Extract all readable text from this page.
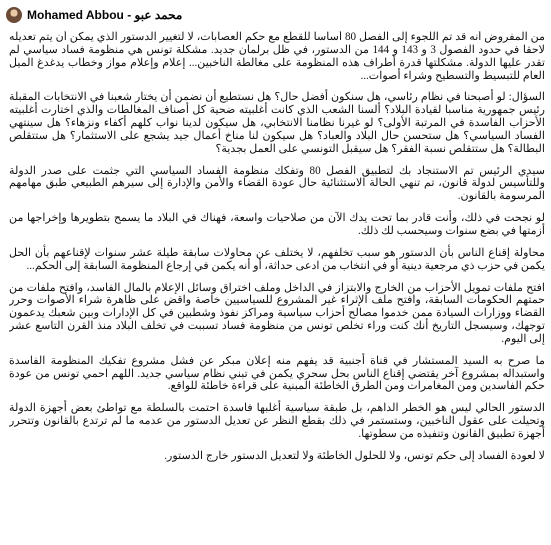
Mohamed Abbou - محمد عبو

من المفروض أنه قد تم اللجوء إلى الفصل 80 أساسا للقطع مع حكم العصابات، لا لتغيير الدستور الذي يمكن أن يتم تعديله لاحقا في حدود الفصول 3 و 143 و 144 من الدستور، في ظل برلمان جديد. مشكلة تونس هي منظومة فساد سياسي لم تقدر عليها الدولة. مشكلتها قدرة أطراف هذه المنظومة على مغالطة الناخبين... إعلام وإعلام مواز وخطاب يدغدغ الميل العام للتبسيط والتسطيح وشراء أصوات...

السؤال: لو أصبحنا في نظام رئاسي، هل سنكون أفضل حال؟ هل نستطيع أن نضمن أن يختار شعبنا في الانتخابات المقبلة رئيس جمهورية مناسبا لقيادة البلاد؟ ألسنا الشعب الذي كانت أغلبيته ضحية كل أصناف المغالطات والذي اختارت أغلبيته الأحزاب الفاسدة في المرتبة الأولى؟ لو غيرنا نظامنا الانتخابي، هل سيكون لدينا نواب كلهم أكفاء ونزهاء؟ هل سينتهي الفساد السياسي؟ هل ستحسن حال البلاد والعباد؟ هل سيكون لنا مناخ أعمال جيد يشجع على الاستثمار؟ هل ستتقلص البطالة؟ هل ستتقلص نسبة الفقر؟ هل سيقبل التونسي على العمل بجدية؟

سيدي الرئيس تم الاستنجاد بك لتطبيق الفصل 80 وتفكك منظومة الفساد السياسي التي جثمت على صدر الدولة وللتأسيس لدولة قانون، تم تنهي الحالة الاستثنائية حال عودة القضاء والأمن والإدارة إلى سيرهم الطبيعي طبق مهامهم المرسومة بالقانون.

لو نجحت في ذلك، وأنت قادر بما تحت يدك الآن من صلاحيات واسعة، فهناك في البلاد ما يسمح بتطويرها وإخراجها من أزمتها في بضع سنوات وسيحسب لك ذلك.

محاولة إقناع الناس بأن الدستور هو سبب تخلفهم، لا يختلف عن محاولات سابقة طيلة عشر سنوات لإقناعهم بأن الحل يكمن في حزب ذي مرجعية دينية أو في انتخاب من ادعى حداثة، أو أنه يكمن في إرجاع المنظومة السابقة إلى الحكم...

افتح ملفات تمويل الأحزاب من الخارج والابتزاز في الداخل وملف اختراق وسائل الإعلام بالمال الفاسد، وافتح ملفات من حمتهم الحكومات السابقة، وافتح ملف الإثراء غير المشروع للسياسيين خاصة واقض على ظاهرة شراء الأصوات وحرر القضاء ووزارات السيادة ممن خدموا مصالح أحزاب سياسية ومراكز نفوذ وشطبين في كل الإدارات وبين شعبك يدعمون توجهك، وسيسجل التاريخ أنك كنت وراء تخلص تونس من منظومة فساد تسببت في تخلف البلاد منذ القرن التاسع عشر إلى اليوم.

ما صرح به السيد المستشار في قناة أجنبية قد يفهم منه إعلان مبكر عن فشل مشروع تفكيك المنظومة الفاسدة واستبداله بمشروع آخر يقتضي إقناع الناس بحل سحري يكمن في تبني نظام سياسي جديد. اللهم احمي تونس من عودة حكم الفاسدين ومن المغامرات ومن الطرق الخاطئة المبنية على قراءة خاطئة للواقع.

الدستور الحالي ليس هو الخطر الداهم، بل طبقة سياسية أغلبها فاسدة احتمت بالسلطة مع تواطئ بعض أجهزة الدولة وتحيلت على عقول الناخبين، وستستمر في ذلك بقطع النظر عن تعديل الدستور من عدمه ما لم ترتدع بالقانون وتتحرر أجهزة تطبيق القانون وتنفيذه من سطوتها.

لا لعودة الفساد إلى حكم تونس، ولا للحلول الخاطئة ولا لتعديل الدستور خارج الدستور.
